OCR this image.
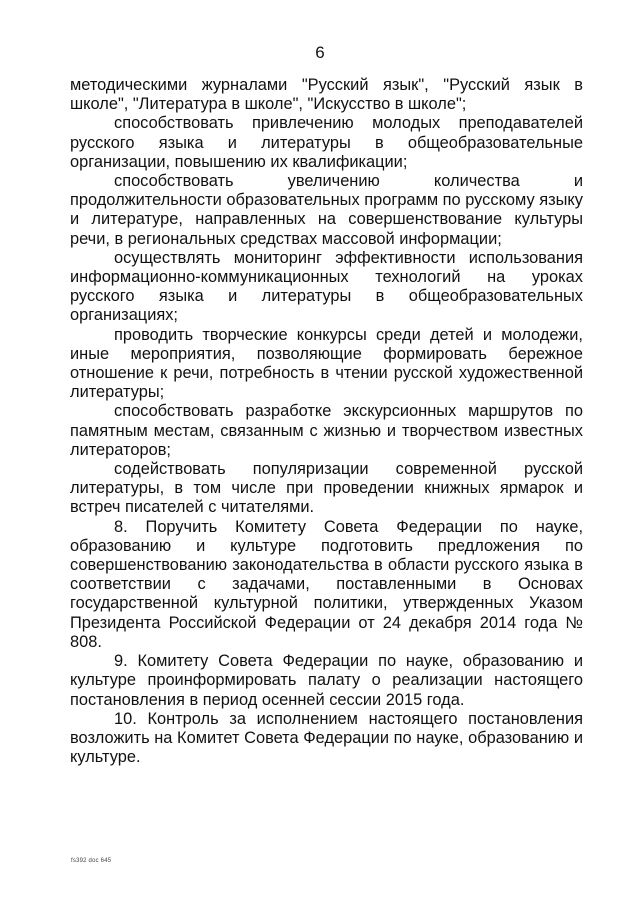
6

методическими журналами "Русский язык", "Русский язык в школе", "Литература в школе", "Искусство в школе";

способствовать привлечению молодых преподавателей русского языка и литературы в общеобразовательные организации, повышению их квалификации;

способствовать увеличению количества и продолжительности образовательных программ по русскому языку и литературе, направленных на совершенствование культуры речи, в региональных средствах массовой информации;

осуществлять мониторинг эффективности использования информационно-коммуникационных технологий на уроках русского языка и литературы в общеобразовательных организациях;

проводить творческие конкурсы среди детей и молодежи, иные мероприятия, позволяющие формировать бережное отношение к речи, потребность в чтении русской художественной литературы;

способствовать разработке экскурсионных маршрутов по памятным местам, связанным с жизнью и творчеством известных литераторов;

содействовать популяризации современной русской литературы, в том числе при проведении книжных ярмарок и встреч писателей с читателями.

8. Поручить Комитету Совета Федерации по науке, образованию и культуре подготовить предложения по совершенствованию законодательства в области русского языка в соответствии с задачами, поставленными в Основах государственной культурной политики, утвержденных Указом Президента Российской Федерации от 24 декабря 2014 года № 808.

9. Комитету Совета Федерации по науке, образованию и культуре проинформировать палату о реализации настоящего постановления в период осенней сессии 2015 года.

10. Контроль за исполнением настоящего постановления возложить на Комитет Совета Федерации по науке, образованию и культуре.

fs392 doc 645
